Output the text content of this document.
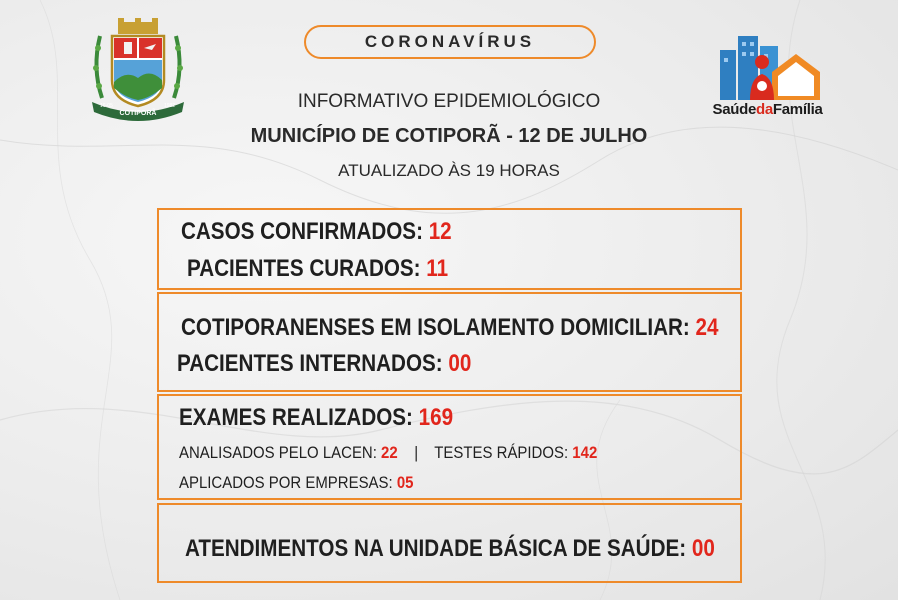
COTIPORÃ
16-05	1982	SaúdedaFamília
CORONAVÍRUS
INFORMATIVO EPIDEMIOLÓGICO
MUNICÍPIO DE COTIPORÃ - 12 DE JULHO
ATUALIZADO ÀS 19 HORAS
CASOS CONFIRMADOS: 12
PACIENTES CURADOS: 11
COTIPORANENSES EM ISOLAMENTO DOMICILIAR: 24
PACIENTES INTERNADOS: 00
EXAMES REALIZADOS: 169
ANALISADOS PELO LACEN: 22 | TESTES RÁPIDOS: 142
APLICADOS POR EMPRESAS: 05
ATENDIMENTOS NA UNIDADE BÁSICA DE SAÚDE: 00
